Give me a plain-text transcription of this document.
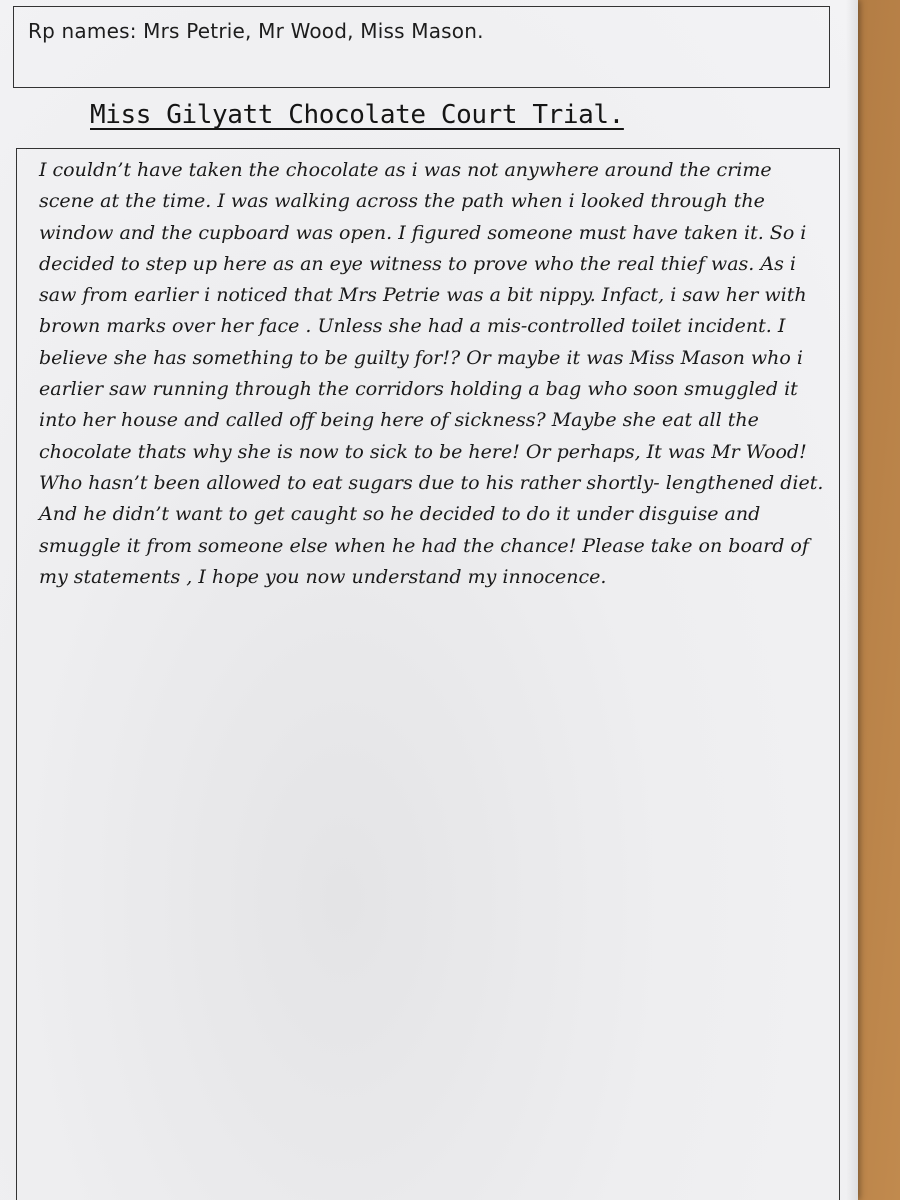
Rp names: Mrs Petrie, Mr Wood, Miss Mason.
Miss Gilyatt Chocolate Court Trial.

I couldn’t have taken the chocolate as i was not anywhere around the crime scene at the time. I was walking across the path when i looked through the window and the cupboard was open. I figured someone must have taken it. So i decided to step up here as an eye witness to prove who the real thief was. As i saw from earlier i noticed that Mrs Petrie was a bit nippy. Infact, i saw her with brown marks over her face . Unless she had a mis-controlled toilet incident. I believe she has something to be guilty for!? Or maybe it was Miss Mason who i earlier saw running through the corridors holding a bag who soon smuggled it into her house and called off being here of sickness? Maybe she eat all the chocolate thats why she is now to sick to be here! Or perhaps, It was Mr Wood! Who hasn’t been allowed to eat sugars due to his rather shortly- lengthened diet. And he didn’t want to get caught so he decided to do it under disguise and smuggle it from someone else when he had the chance! Please take on board of my statements , I hope you now understand my innocence.
